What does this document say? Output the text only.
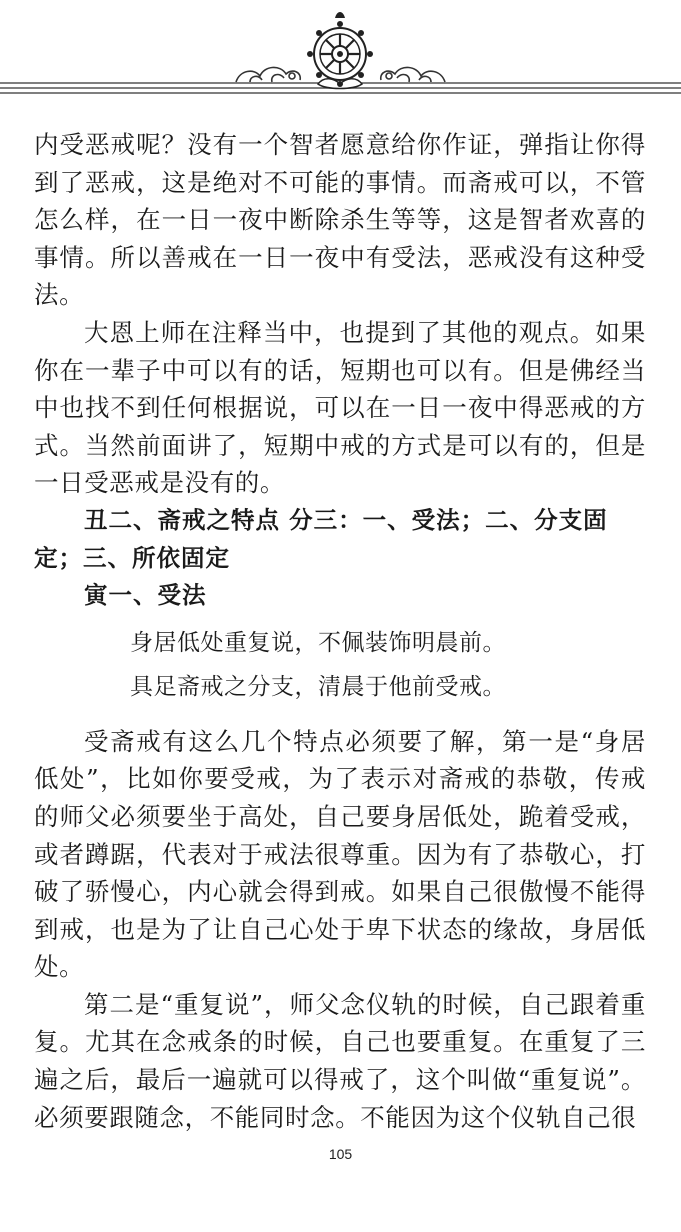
内受恶戒呢？没有一个智者愿意给你作证，弹指让你得到了恶戒，这是绝对不可能的事情。而斋戒可以，不管怎么样，在一日一夜中断除杀生等等，这是智者欢喜的事情。所以善戒在一日一夜中有受法，恶戒没有这种受法。

大恩上师在注释当中，也提到了其他的观点。如果你在一辈子中可以有的话，短期也可以有。但是佛经当中也找不到任何根据说，可以在一日一夜中得恶戒的方式。当然前面讲了，短期中戒的方式是可以有的，但是一日受恶戒是没有的。

丑二、斋戒之特点 分三：一、受法；二、分支固定；三、所依固定

寅一、受法

身居低处重复说，不佩装饰明晨前。

具足斋戒之分支，清晨于他前受戒。

受斋戒有这么几个特点必须要了解，第一是“身居低处”，比如你要受戒，为了表示对斋戒的恭敬，传戒的师父必须要坐于高处，自己要身居低处，跪着受戒，或者蹲踞，代表对于戒法很尊重。因为有了恭敬心，打破了骄慢心，内心就会得到戒。如果自己很傲慢不能得到戒，也是为了让自己心处于卑下状态的缘故，身居低处。

第二是“重复说”，师父念仪轨的时候，自己跟着重复。尤其在念戒条的时候，自己也要重复。在重复了三遍之后，最后一遍就可以得戒了，这个叫做“重复说”。必须要跟随念，不能同时念。不能因为这个仪轨自己很

105
